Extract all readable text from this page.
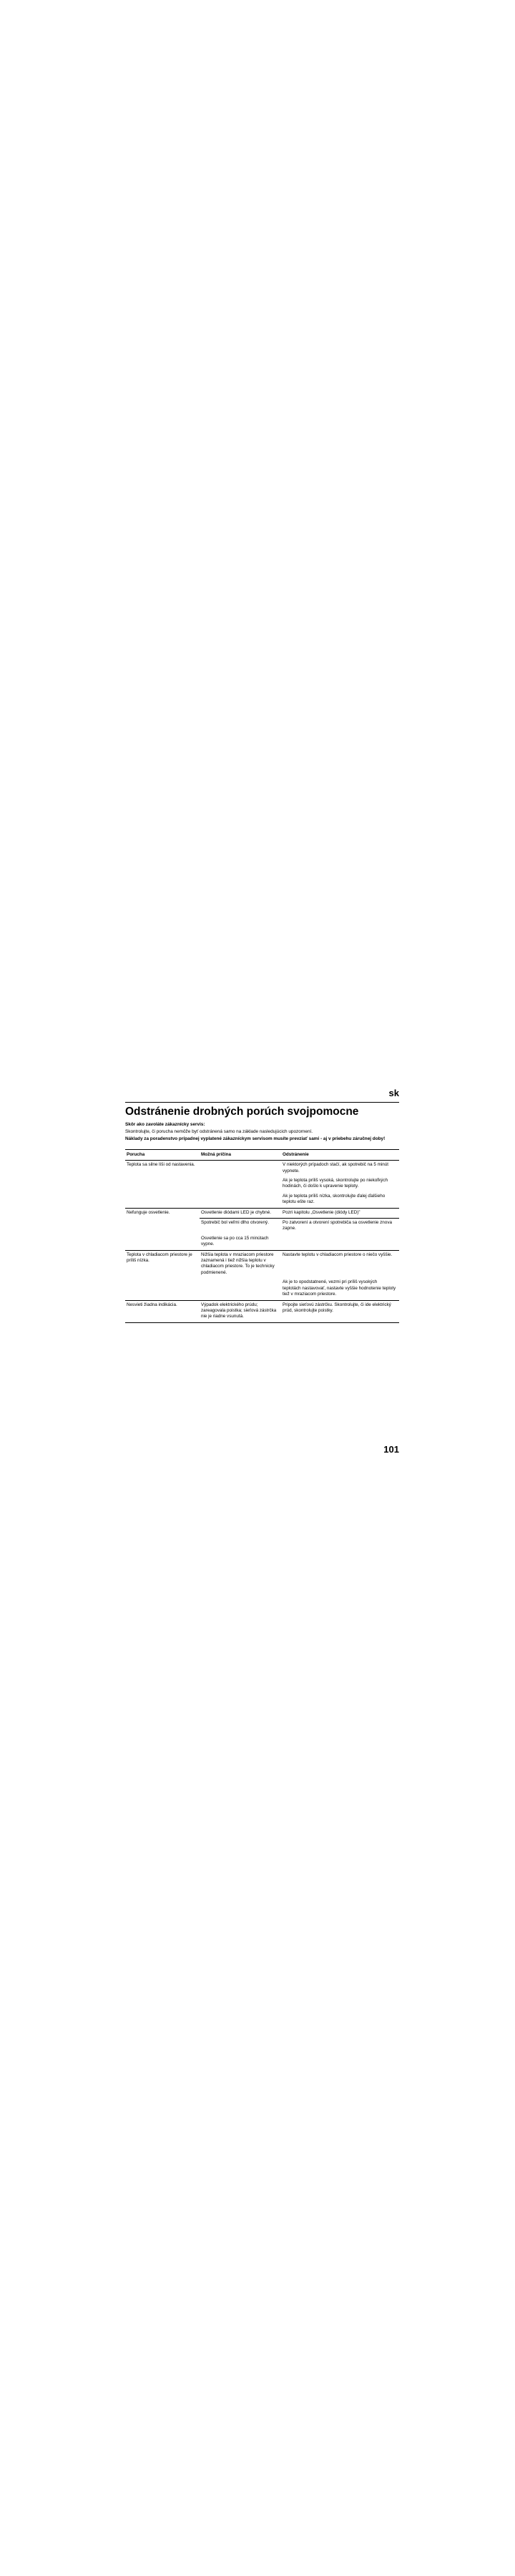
sk
Odstránenie drobných porúch svojpomocne

Skôr ako zavoláte zákaznícky servis:

Skontrolujte, či porucha nemôže byť odstránená samo na základe nasledujúcich upozornení.

Náklady za poradenstvo prípadnej vyplatené zákazníckym servisom musíte prevziať sami - aj v priebehu záručnej doby!

Porucha	Možná príčina	Odstránenie
Teplota sa silne líši od nastavenia.		V niektorých prípadoch stačí, ak spotrebič na 5 minút vypnete.
		Ak je teplota príliš vysoká, skontrolujte po niekoľkých hodinách, či došlo k upravenie teploty.
		Ak je teplota príliš nízka, skontrolujte ďalej ďalšieho teplotu ešte raz.
Nefunguje osvetlenie.	Osvetlenie diódami LED je chybné.	Pozri kapitolu „Osvetlenie (diódy LED)”
	Spotrebič bol veľmi dlho otvorený.	Po zatvorení a otvorení spotrebiča sa osvetlenie znova zapne.
	Osvetlenie sa po cca 15 minútach vypne.	
Teplota v chladiacom priestore je príliš nízka.	Nižšia teplota v mraziacom priestore zaznamená i tiež nižšia teplotu v chladiacom priestore. To je technicky podmienené.	Nastavte teplotu v chladiacom priestore o niečo vyššie.
		Ak je to opodstatnené, vezmi pri príliš vysokých teplotách nastavovať, nastavte vyššie hodnotenie teploty tiež v mraziacom priestore.
Nesvieti žiadna indikácia.	Výpadok elektrického prúdu; zareagovala poistka; sieťová zástrčka nie je riadne vsunutá.	Pripojte sieťovú zástrčku. Skontrolujte, či ide elektrický prúd, skontrolujte poistky.
101
